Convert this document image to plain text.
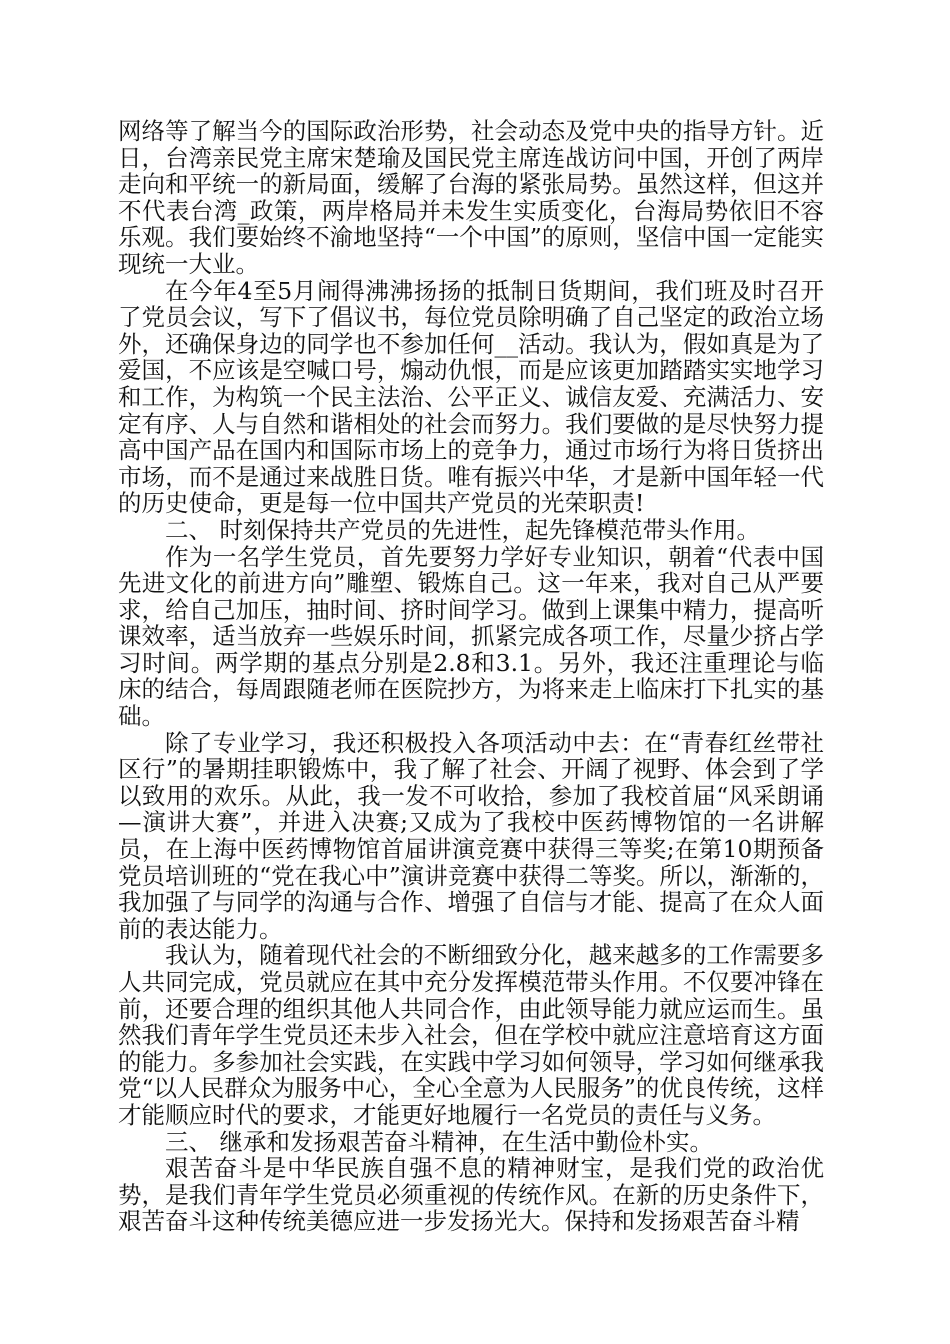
网络等了解当今的国际政治形势，社会动态及党中央的指导方针。近日，台湾亲民党主席宋楚瑜及国民党主席连战访问中国，开创了两岸走向和平统一的新局面，缓解了台海的紧张局势。虽然这样，但这并不代表台湾_政策，两岸格局并未发生实质变化，台海局势依旧不容乐观。我们要始终不渝地坚持“一个中国”的原则，坚信中国一定能实现统一大业。

在今年4至5月闹得沸沸扬扬的抵制日货期间，我们班及时召开了党员会议，写下了倡议书，每位党员除明确了自己坚定的政治立场外，还确保身边的同学也不参加任何__活动。我认为，假如真是为了爱国，不应该是空喊口号，煽动仇恨，而是应该更加踏踏实实地学习和工作，为构筑一个民主法治、公平正义、诚信友爱、充满活力、安定有序、人与自然和谐相处的社会而努力。我们要做的是尽快努力提高中国产品在国内和国际市场上的竞争力，通过市场行为将日货挤出市场，而不是通过来战胜日货。唯有振兴中华，才是新中国年轻一代的历史使命，更是每一位中国共产党员的光荣职责!

二、 时刻保持共产党员的先进性，起先锋模范带头作用。

作为一名学生党员，首先要努力学好专业知识，朝着“代表中国先进文化的前进方向”雕塑、锻炼自己。这一年来，我对自己从严要求，给自己加压，抽时间、挤时间学习。做到上课集中精力，提高听课效率，适当放弃一些娱乐时间，抓紧完成各项工作，尽量少挤占学习时间。两学期的基点分别是2.8和3.1。另外，我还注重理论与临床的结合，每周跟随老师在医院抄方，为将来走上临床打下扎实的基础。

除了专业学习，我还积极投入各项活动中去：在“青春红丝带社区行”的暑期挂职锻炼中，我了解了社会、开阔了视野、体会到了学以致用的欢乐。从此，我一发不可收拾，参加了我校首届“风采朗诵—演讲大赛”，并进入决赛;又成为了我校中医药博物馆的一名讲解员，在上海中医药博物馆首届讲演竞赛中获得三等奖;在第10期预备党员培训班的“党在我心中”演讲竞赛中获得二等奖。所以，渐渐的，我加强了与同学的沟通与合作、增强了自信与才能、提高了在众人面前的表达能力。

我认为，随着现代社会的不断细致分化，越来越多的工作需要多人共同完成，党员就应在其中充分发挥模范带头作用。不仅要冲锋在前，还要合理的组织其他人共同合作，由此领导能力就应运而生。虽然我们青年学生党员还未步入社会，但在学校中就应注意培育这方面的能力。多参加社会实践，在实践中学习如何领导，学习如何继承我党“以人民群众为服务中心，全心全意为人民服务”的优良传统，这样才能顺应时代的要求，才能更好地履行一名党员的责任与义务。

三、 继承和发扬艰苦奋斗精神，在生活中勤俭朴实。

艰苦奋斗是中华民族自强不息的精神财宝，是我们党的政治优势，是我们青年学生党员必须重视的传统作风。在新的历史条件下，艰苦奋斗这种传统美德应进一步发扬光大。保持和发扬艰苦奋斗精
